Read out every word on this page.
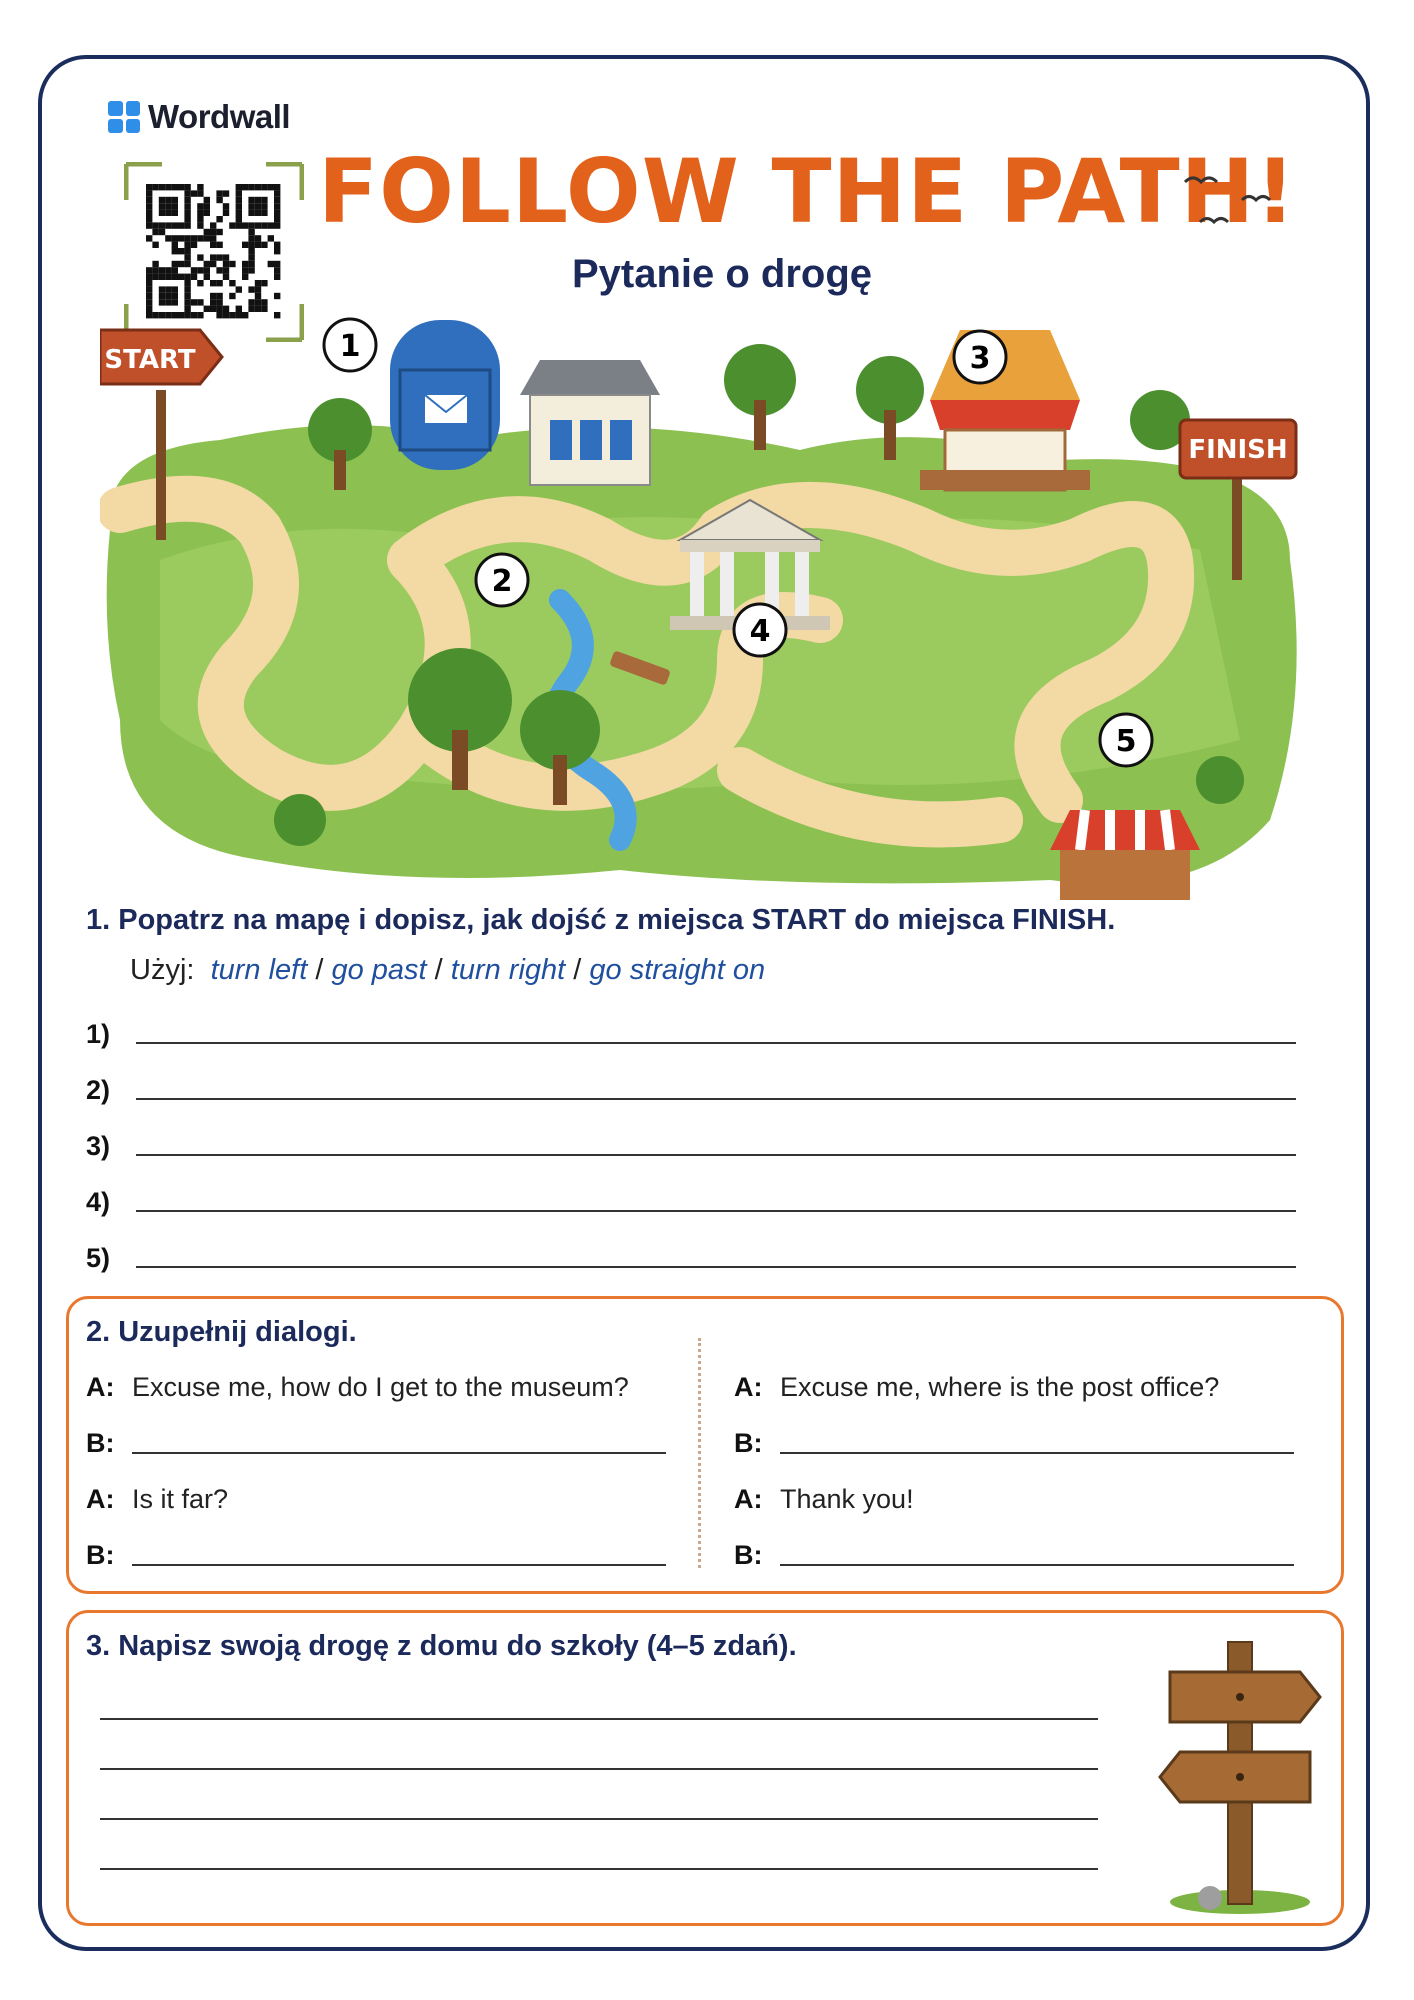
Wordwall
FOLLOW THE PATH!
Pytanie o drogę
START
FINISH
1
2
3
4
5
1. Popatrz na mapę i dopisz, jak dojść z miejsca START do miejsca FINISH.
Użyj: turn left / go past / turn right / go straight on
1)
2)
3)
4)
5)
2. Uzupełnij dialogi.
A: Excuse me, how do I get to the museum?
B:
A: Is it far?
B:
A: Excuse me, where is the post office?
B:
A: Thank you!
B:
3. Napisz swoją drogę z domu do szkoły (4–5 zdań).
